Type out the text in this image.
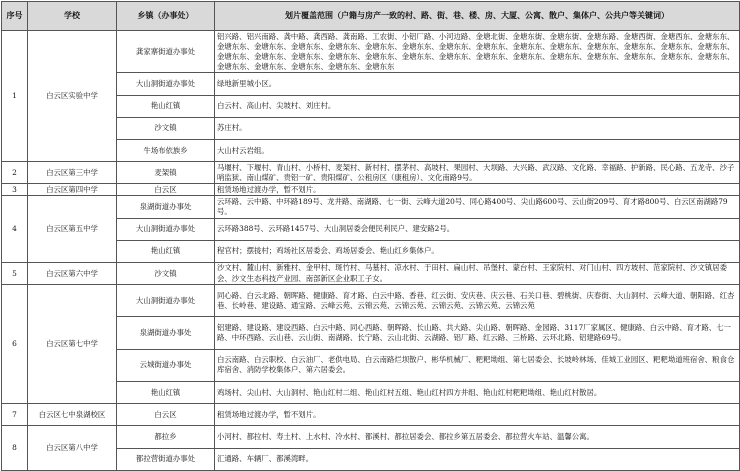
序号	学校	乡镇（办事处）	划片覆盖范围（户籍与房产一致的村、路、街、巷、楼、房、大厦、公寓、散户、集体户、公共户等关键词）
1	白云区实验中学	龚家寨街道办事处	铝兴路、铝兴南路、龚中路、龚西路、龚南路、工农街、小铝厂路、小河边路、金塘北街、金塘东街、金塘东街、金塘东路、金塘西街、金塘西东、金塘东东、金塘东东、金塘东东、金塘东东、金塘东东、金塘东东、金塘东东、金塘东东、金塘东东、金塘东东、金塘东东、金塘东东、金塘东东、金塘东东、金塘东东、金塘东东、金塘东东、金塘东东、金塘东东、金塘东东、金塘东东、金塘东东、金塘东东、金塘东东、金塘东东、金塘东东、金塘东东、金塘东东、金塘东东、金塘东东、金塘东东、金塘东东、金塘东东、金塘东东
		大山洞街道办事处	绿地新里城小区。
		艳山红镇	白云村、高山村、尖坡村、刘庄村。
		沙文镇	苏庄村。
		牛场布依族乡	大山村云岩组。
2	白云区第三中学	麦架镇	马堰村、下堰村、青山村、小桥村、麦架村、新村村、摆茅村、高坡村、果园村、大坝路、大兴路、武汉路、文化路、幸福路、护新路、民心路、五龙寺、沙子哨监狱、南山煤矿、贵铝一矿、贵阳煤矿、公租房区（康租房）、文化南路9号。
3	白云区第四中学	白云区	租赁场地过渡办学，暂不划片。
4	白云区第五中学	泉湖街道办事处	云环路、云中路、中环路189号、龙井路、南湖路、七一街、云峰大道20号、同心路400号、尖山路600号、云山街209号、育才路800号、白云区南湖路79号。
		大山洞街道办事处	云环路388号、云环路1457号、大山洞居委会便民利民户、建安路2号。
		艳山红镇	程官村；摆拢村；鸡场社区居委会、鸡场居委会、艳山红乡集体户。
5	白云区第六中学	沙文镇	沙文村、麓山村、新雅村、金甲村、斑竹村、马墓村、凉水村、于田村、扁山村、吊堡村、蒙台村、王家院村、对门山村、四方坡村、范家院村、沙文镇居委会、沙文生态科技产业园、南部新区企业职工子女。
6	白云区第七中学	大山洞街道办事处	同心路、白云北路、朝晖路、健康路、育才路、白云中路、香巷、红云街、安庆巷、庆云巷、石关口巷、碧桃街、庆春街、大山洞村、云峰大道、朝阳路、红杏巷、长岭巷、建设路、通宝路、云峰云苑、云锦云苑、云锦云苑、云锦云苑、云锦云苑、云锦云苑
		泉湖街道办事处	铝建路、建设路、建设西路、白云中路、同心西路、朝晖路、长山路、共大路、尖山路、朝晖路、金园路、3117厂家属区、健康路、白云中路、育才路、七一路、中环西路、云山巷、云山街、南湖路、长宁路、云山北街、云湖路、铝厂路、红云路、三桥路、云环北路、铝建路69号。
		云城街道办事处	白云南路、白云职校、白云油厂、老供电局、白云南路烂坝散户、彬华机械厂、粑粑坳组、第七居委会、长坡岭林场、佳城工业园区、粑粑坳道班宿舍、粮食仓库宿舍、消防学校集体户、第六居委会。
		艳山红镇	鸡场村、尖山村、大山洞村、艳山红村二组、艳山红村五组、艳山红村四方井组、艳山红村粑粑坳组、艳山红村散居。
7	白云区七中泉湖校区	白云区	租赁场地过渡办学，暂不划片。
8	白云区第八中学	都拉乡	小河村、都拉村、寿土村、上水村、冷水村、都溪村、都拉居委会、都拉乡第五居委会、都拉营火车站、温馨公寓。
		都拉营街道办事处	汇通路、车辆厂、都溪湾畔。
